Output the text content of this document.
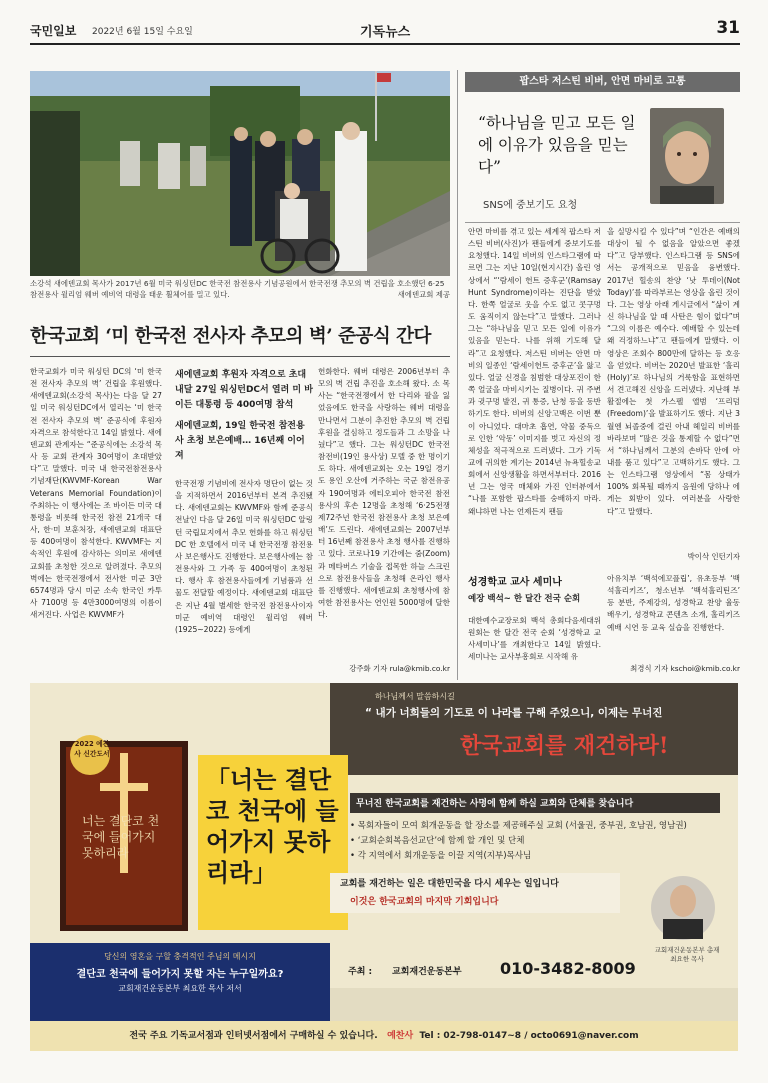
국민일보 2022년 6월 15일 수요일	기독뉴스	31
소강석 새에덴교회 목사가 2017년 6월 미국 워싱턴DC 한국전 참전용사 기념공원에서 한국전쟁 추모의 벽 건립을 호소했던 6·25 참전용사 윌리엄 웨버 예비역 대령을 태운 휠체어를 밀고 있다.	새에덴교회 제공
한국교회 ‘미 한국전 전사자 추모의 벽’ 준공식 간다
한국교회가 미국 워싱턴 DC의 ‘미 한국전 전사자 추모의 벽’ 건립을 후원했다. 새에덴교회(소강석 목사)는 다음 달 27일 미국 워싱턴DC에서 열리는 ‘미 한국전 전사자 추모의 벽’ 준공식에 후원자 자격으로 참석한다고 14일 밝혔다. 새에덴교회 관계자는 “준공식에는 소강석 목사 등 교회 관계자 30여명이 초대받았다”고 말했다. 미국 내 한국전참전용사기념재단(KWVMF-Korean War Veterans Memorial Foundation)이 주최하는 이 행사에는 조 바이든 미국 대통령을 비롯해 한국전 참전 21개국 대사, 한·미 보훈처장, 새에덴교회 대표단 등 400여명이 참석한다. KWVMF는 지속적인 후원에 감사하는 의미로 새에덴교회를 초청한 것으로 알려졌다. 추모의 벽에는 한국전쟁에서 전사한 미군 3만6574명과 당시 미군 소속 한국인 카투사 7100명 등 4만3000여명의 이름이 새겨진다. 사업은 KWVMF가

새에덴교회 후원자 자격으로 초대 내달 27일 워싱턴DC서 열려 미 바이든 대통령 등 400여명 참석

새에덴교회, 19일 한국전 참전용사 초청 보은예배… 16년째 이어져

한국전쟁 기념비에 전사자 명단이 없는 것을 지적하면서 2016년부터 본격 추진됐다. 새에덴교회는 KWVMF와 함께 준공식 전날인 다음 달 26일 미국 워싱턴DC 알링턴 국립묘지에서 추모 헌화를 하고 워싱턴DC 한 호텔에서 미국 내 한국전쟁 참전용사 보은행사도 진행한다. 보은행사에는 참전용사와 그 가족 등 400여명이 초청된다. 행사 후 참전용사들에게 기념품과 선물도 전달할 예정이다. 새에덴교회 대표단은 지난 4월 별세한 한국전 참전용사이자 미군 예비역 대령인 윌리엄 웨버(1925~2022) 등에게
헌화한다. 웨버 대령은 2006년부터 추모의 벽 건립 추진을 호소해 왔다. 소 목사는 “한국전쟁에서 한 다리와 팔을 잃었음에도 한국을 사랑하는 웨버 대령을 만나면서 그분이 추진한 추모의 벽 건립 후원을 결심하고 정도들과 그 소망을 나눴다”고 했다. 그는 워싱턴DC 한국전 참전비(19인 용사상) 모델 중 한 명이기도 하다. 새에덴교회는 오는 19일 경기도 용인 오산에 거주하는 국군 참전유공자 190여명과 에티오피아 한국전 참전용사의 후손 12명을 초청해 ‘6·25전쟁 제72주년 한국전 참전용사 초청 보은예배’도 드린다. 새에덴교회는 2007년부터 16년째 참전용사 초청 행사를 진행하고 있다. 코로나19 기간에는 줌(Zoom)과 메타버스 기술을 접목한 하늘 스크린으로 참전용사들을 초청해 온라인 행사를 진행했다. 새에덴교회 초청행사에 참여한 참전용사는 연인원 5000명에 달한다.
강주화 기자 rula@kmib.co.kr
팝스타 저스틴 비버, 안면 마비로 고통
“하나님을 믿고 모든 일에 이유가 있음을 믿는다”
SNS에 중보기도 요청
안면 마비를 겪고 있는 세계적 팝스타 저스틴 비버(사진)가 팬들에게 중보기도를 요청했다. 14일 비버의 인스타그램에 따르면 그는 지난 10일(현지시간) 올린 영상에서 “‘람세이 헌트 증후군’(Ramsay Hunt Syndrome)이라는 진단을 받았다. 한쪽 얼굴로 웃을 수도 없고 콧구멍도 움직이지 않는다”고 말했다. 그러나 그는 “하나님을 믿고 모든 일에 이유가 있음을 믿는다. 나를 위해 기도해 달라”고 요청했다. 저스틴 비버는 안면 마비의 일종인 ‘람세이헌트 증후군’을 앓고 있다. 얼굴 신경을 침범한 대상포진이 한쪽 얼굴을 마비시키는 질병이다. 귀 주변과 귓구멍 발진, 귀 통증, 난청 등을 동반하기도 한다. 비버의 신앙고백은 이번 뿐이 아니었다. 대마초 흡연, 약물 중독으로 인한 ‘악동’ 이미지를 벗고 자신의 정체성을 적극적으로 드러냈다. 그가 기독교에 귀의한 계기는 2014년 뉴욕힐송교회에서 신앙생활을 하면서부터다. 2016년 그는 영국 매체와 가진 인터뷰에서 “나를 포함한 팝스타를 숭배하지 마라. 왜냐하면 나는 언제든지 팬들
을 실망시킬 수 있다”며 “인간은 예배의 대상이 될 수 없음을 알았으면 좋겠다”고 당부했다. 인스타그램 등 SNS에서는 공개적으로 믿음을 융변했다. 2017년 힐송의 찬양 ‘낫 투데이(Not Today)’를 따라부르는 영상을 올린 것이다. 그는 영상 아래 게시글에서 “삶이 계신 하나님을 알 때 사탄은 힘이 없다”며 “그의 이름은 예수다. 예배할 수 있는데 왜 걱정하느냐”고 팬들에게 말했다. 이 영상은 조회수 800만에 달하는 등 호응을 얻었다. 비버는 2020년 발표한 ‘홀리(Holy)’로 하나님의 거룩함을 표현하면서 견고해진 신앙을 드러냈다. 지난해 부활절에는 첫 가스펠 앨범 ‘프리덤(Freedom)’을 발표하기도 했다. 지난 3월엔 뇌졸중에 걸린 아내 헤일리 비버를 바라보며 “많은 것을 통제할 수 없다”면서 “하나님께서 그분의 손바닥 안에 아내를 품고 있다”고 고백하기도 했다. 그는 인스타그램 영상에서 “몸 상태가 100% 회복될 때까지 음원에 당하나 에게는 회받이 있다. 여러분을 사랑한다”고 말했다.
박이삭 인턴기자
성경학교 교사 세미나
예장 백석~ 한 달간 전국 순회
대한예수교장로회 백석 총회다음세대위원회는 한 달간 전국 순회 ‘성경학교 교사세미나’를 개최한다고 14일 밝혔다. 세미나는 교사부흥회로 시작해 유
아유치부 ‘백석에꼬플립’, 유초등부 ‘백석홀리키즈’, 청소년부 ‘백석홀리틴즈’ 등 분반, 주제강의, 성경학교 찬양 율동 배우기, 성경학교 콘텐츠 소개, 홀리키즈 예배 시연 등 교육 실습을 진행한다.
최경식 기자 kschoi@kmib.co.kr
하나님께서 말씀하시길
“ 내가 너희들의 기도로 이 나라를 구해 주었으니, 이제는 무너진
한국교회를 재건하라!
2022 예찬사 신간도서
너는 결단코 천국에 들어가지 못하리라
「너는 결단코 천국에 들어가지 못하리라」
무너진 한국교회를 재건하는 사명에 함께 하실 교회와 단체를 찾습니다
• 목회자들이 모여 회개운동을 할 장소를 제공해주실 교회 (서울권, 중부권, 호남권, 영남권)
• ‘교회순회복음선교단’에 함께 할 개인 및 단체
• 각 지역에서 회개운동을 이끌 지역(지부)목사님
교회를 재건하는 일은 대한민국을 다시 세우는 일입니다
이것은 한국교회의 마지막 기회입니다
교회재건운동본부 총재 최요한 목사
당신의 영혼을 구할 충격적인 주님의 메시지
결단코 천국에 들어가지 못할 자는 누구일까요?
교회재건운동본부 최요한 목사 저서
주최 : 교회재건운동본부 010-3482-8009
전국 주요 기독교서점과 인터넷서점에서 구매하실 수 있습니다. 예찬사 Tel : 02-798-0147~8 / octo0691@naver.com
